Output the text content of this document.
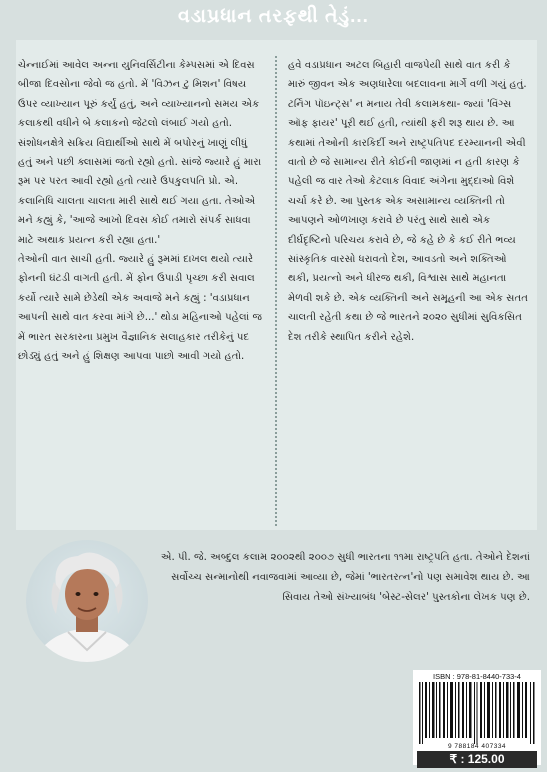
વડાપ્રધાન તરફથી તેડું...

ચેન્નાઈમાં આવેલ અન્ના યુનિવર્સિટીના કેમ્પસમાં એ દિવસ બીજા દિવસોના જેવો જ હતો. મેં 'વિઝન ટુ મિશન' વિષય ઉપર વ્યાખ્યાન પૂરું કર્યું હતું, અને વ્યાખ્યાનનો સમય એક કલાકથી વધીને બે કલાકનો જેટલો લંબાઈ ગયો હતો. સંશોધનક્ષેત્રે સક્રિય વિદ્યાર્થીઓ સાથે મેં બપોરનું ખાણું લીધું હતું અને પછી ક્લાસમાં જતો રહ્યો હતો. સાંજે જ્યારે હું મારા રૂમ પર પરત આવી રહ્યો હતો ત્યારે ઉપકુલપતિ પ્રો. એ. કલાનિધિ ચાલતા ચાલતા મારી સાથે થઈ ગયા હતા. તેઓએ મને કહ્યું કે, 'આજે આખો દિવસ કોઈ તમારો સંપર્ક સાધવા માટે અથાક પ્રયત્ન કરી રહ્યા હતા.'

તેઓની વાત સાચી હતી. જ્યારે હું રૂમમાં દાખલ થયો ત્યારે ફોનની ઘંટડી વાગતી હતી. મેં ફોન ઉપાડી પૃચ્છા કરી સવાલ કર્યો ત્યારે સામે છેડેથી એક અવાજે મને કહ્યું : 'વડાપ્રધાન આપની સાથે વાત કરવા માંગે છે...' થોડા મહિનાઓ પહેલાં જ મેં ભારત સરકારના પ્રમુખ વૈજ્ઞાનિક સલાહકાર તરીકેનું પદ છોડ્યું હતું અને હું શિક્ષણ આપવા પાછો આવી ગયો હતો.

હવે વડાપ્રધાન અટલ બિહારી વાજપેયી સાથે વાત કરી કે મારું જીવન એક અણધારેલા બદલાવના માર્ગે વળી ગયું હતું.

ટર્નિંગ પૉઇન્ટ્સ' ન મનાય તેવી કલામકથા- જ્યાં 'વિંગ્સ ઑફ ફાયર' પૂરી થઈ હતી, ત્યાંથી ફરી શરૂ થાય છે. આ કથામાં તેઓની કારકિર્દી અને રાષ્ટ્રપતિપદ દરમ્યાનની એવી વાતો છે જે સામાન્ય રીતે કોઈની જાણમાં ન હતી કારણ કે પહેલી જ વાર તેઓ કેટલાક વિવાદ અંગેના મુદ્દાઓ વિશે ચર્ચા કરે છે. આ પુસ્તક એક અસામાન્ય વ્યક્તિની તો આપણને ઓળખાણ કરાવે છે પરંતુ સાથે સાથે એક દીર્ઘદૃષ્ટિનો પરિચય કરાવે છે, જે કહે છે કે કઈ રીતે ભવ્ય સાંસ્કૃતિક વારસો ધરાવતો દેશ, આવડતો અને શક્તિઓ થકી, પ્રયત્નો અને ધીરજ થકી, વિશ્વાસ સાથે મહાનતા મેળવી શકે છે. એક વ્યક્તિની અને સમૂહની આ એક સતત ચાલતી રહેતી કથા છે જે ભારતને ૨૦૨૦ સુધીમાં સુવિકસિત દેશ તરીકે સ્થાપિત કરીને રહેશે.

એ. પી. જે. અબ્દુલ કલામ ૨૦૦૨થી ૨૦૦૭ સુધી ભારતના ૧૧મા રાષ્ટ્રપતિ હતા. તેઓને દેશનાં સર્વોચ્ચ સન્માનોથી નવાજવામાં આવ્યા છે, જેમાં 'ભારતરત્ન'નો પણ સમાવેશ થાય છે. આ સિવાય તેઓ સંખ્યાબંધ 'બેસ્ટ-સેલર' પુસ્તકોના લેખક પણ છે.

ISBN : 978-81-8440-733-4
9 788184 407334
₹ : 125.00
